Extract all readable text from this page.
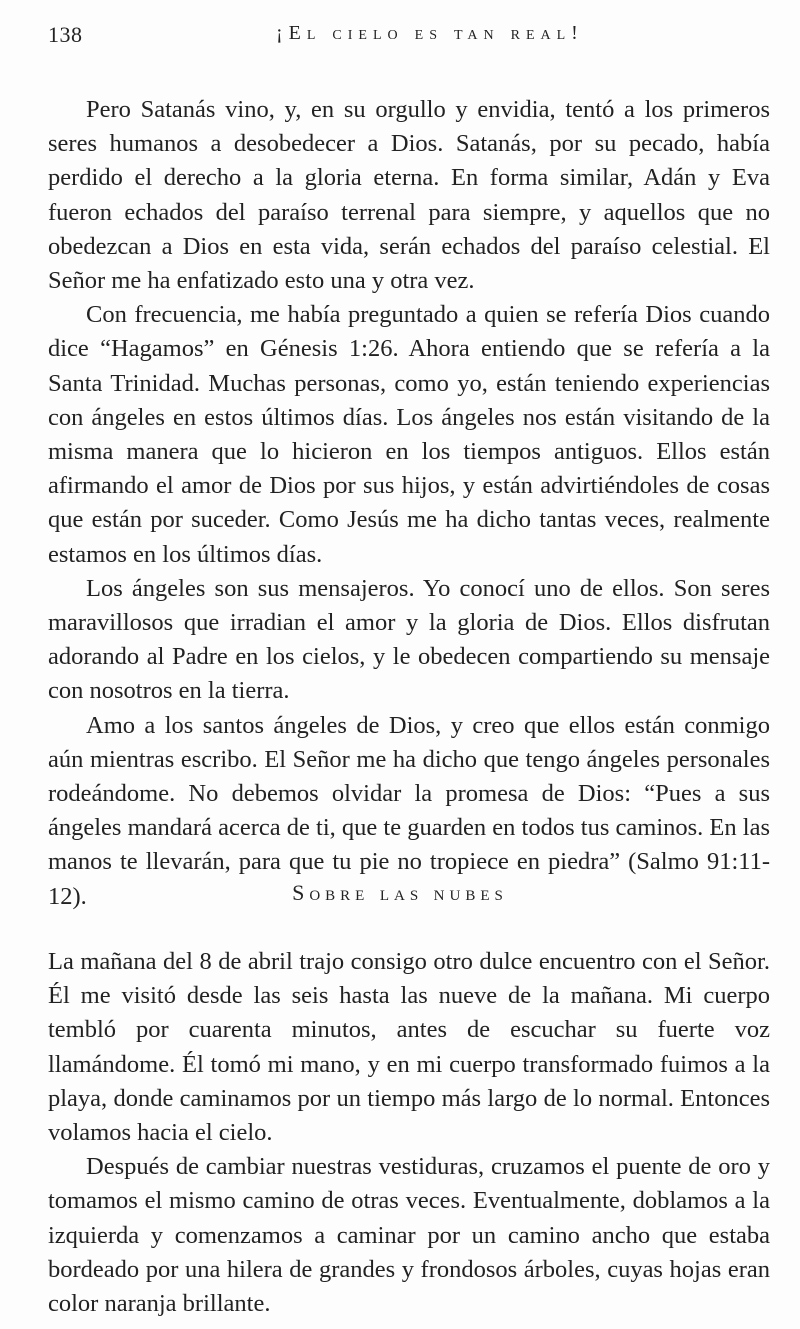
138	¡El cielo es tan real!

Pero Satanás vino, y, en su orgullo y envidia, tentó a los primeros seres humanos a desobedecer a Dios. Satanás, por su pecado, había perdido el derecho a la gloria eterna. En forma similar, Adán y Eva fueron echados del paraíso terrenal para siempre, y aquellos que no obedezcan a Dios en esta vida, serán echados del paraíso celestial. El Señor me ha enfatizado esto una y otra vez.

Con frecuencia, me había preguntado a quien se refería Dios cuando dice “Hagamos” en Génesis 1:26. Ahora entiendo que se refería a la Santa Trinidad. Muchas personas, como yo, están teniendo experiencias con ángeles en estos últimos días. Los ángeles nos están visitando de la misma manera que lo hicieron en los tiempos antiguos. Ellos están afirmando el amor de Dios por sus hijos, y están advirtiéndoles de cosas que están por suceder. Como Jesús me ha dicho tantas veces, realmente estamos en los últimos días.

Los ángeles son sus mensajeros. Yo conocí uno de ellos. Son seres maravillosos que irradian el amor y la gloria de Dios. Ellos disfrutan adorando al Padre en los cielos, y le obedecen compartiendo su mensaje con nosotros en la tierra.

Amo a los santos ángeles de Dios, y creo que ellos están conmigo aún mientras escribo. El Señor me ha dicho que tengo ángeles personales rodeándome. No debemos olvidar la promesa de Dios: “Pues a sus ángeles mandará acerca de ti, que te guarden en todos tus caminos. En las manos te llevarán, para que tu pie no tropiece en piedra” (Salmo 91:11-12).	Sobre las nubes

La mañana del 8 de abril trajo consigo otro dulce encuentro con el Señor. Él me visitó desde las seis hasta las nueve de la mañana. Mi cuerpo tembló por cuarenta minutos, antes de escuchar su fuerte voz llamándome. Él tomó mi mano, y en mi cuerpo transformado fuimos a la playa, donde caminamos por un tiempo más largo de lo normal. Entonces volamos hacia el cielo.

Después de cambiar nuestras vestiduras, cruzamos el puente de oro y tomamos el mismo camino de otras veces. Eventualmente, doblamos a la izquierda y comenzamos a caminar por un camino ancho que estaba bordeado por una hilera de grandes y frondosos árboles, cuyas hojas eran color naranja brillante.
